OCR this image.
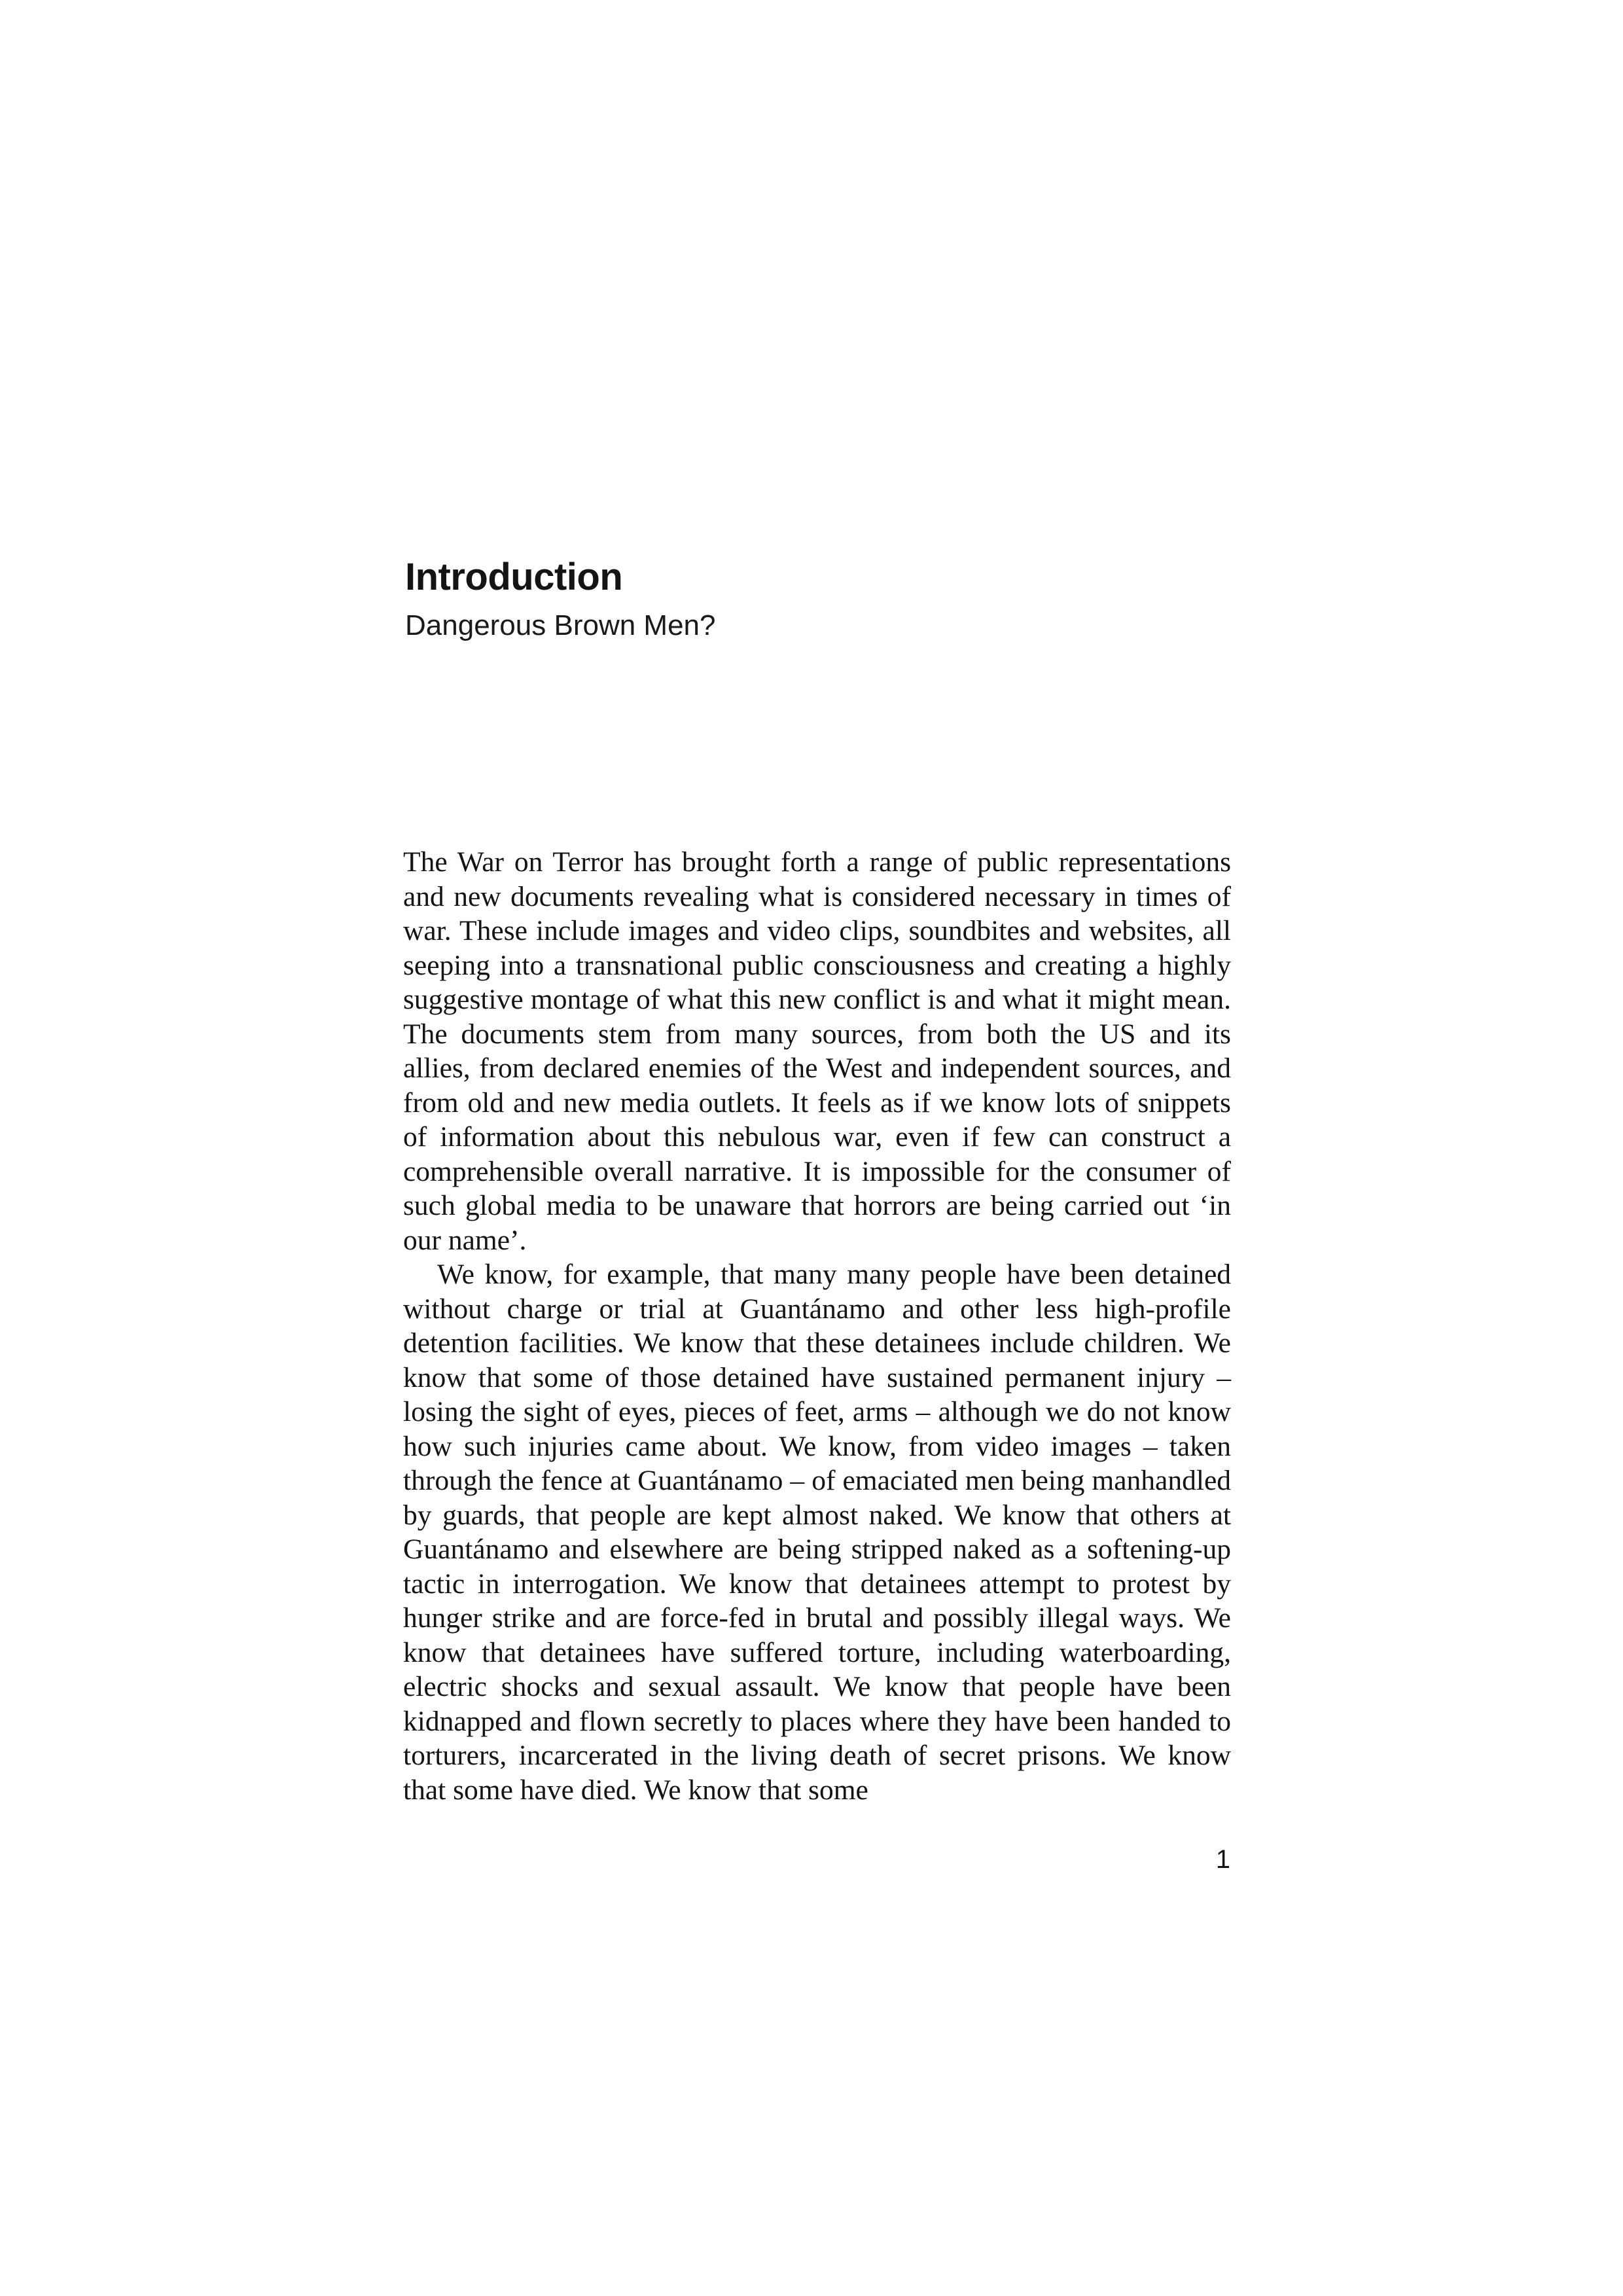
Introduction
Dangerous Brown Men?

The War on Terror has brought forth a range of public representations and new documents revealing what is considered necessary in times of war. These include images and video clips, soundbites and websites, all seeping into a transnational public consciousness and creating a highly suggestive montage of what this new conflict is and what it might mean. The documents stem from many sources, from both the US and its allies, from declared enemies of the West and independent sources, and from old and new media outlets. It feels as if we know lots of snippets of information about this nebulous war, even if few can construct a comprehensible overall narrative. It is impossible for the consumer of such global media to be unaware that horrors are being carried out ‘in our name’.

We know, for example, that many many people have been detained without charge or trial at Guantánamo and other less high-profile detention facilities. We know that these detainees include children. We know that some of those detained have sustained permanent injury – losing the sight of eyes, pieces of feet, arms – although we do not know how such injuries came about. We know, from video images – taken through the fence at Guantánamo – of emaciated men being manhandled by guards, that people are kept almost naked. We know that others at Guantánamo and elsewhere are being stripped naked as a softening-up tactic in interrogation. We know that detainees attempt to protest by hunger strike and are force-fed in brutal and possibly illegal ways. We know that detainees have suffered torture, including waterboarding, electric shocks and sexual assault. We know that people have been kidnapped and flown secretly to places where they have been handed to torturers, incarcerated in the living death of secret prisons. We know that some have died. We know that some

1
